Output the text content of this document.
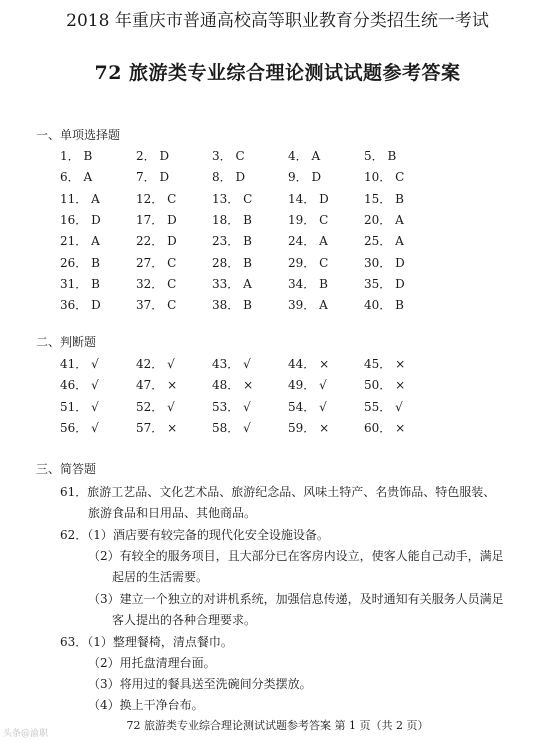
2018 年重庆市普通高校高等职业教育分类招生统一考试
72 旅游类专业综合理论测试试题参考答案
一、单项选择题
1． B	2． D	3． C	4． A	5． B
6． A	7． D	8． D	9． D	10． C
11． A	12． C	13． C	14． D	15． B
16． D	17． D	18． B	19． C	20． A
21． A	22． D	23． B	24． A	25． A
26． B	27． C	28． B	29． C	30． D
31． B	32． C	33． A	34． B	35． D
36． D	37． C	38． B	39． A	40． B
二、判断题
41． √	42． √	43． √	44． ×	45． ×
46． √	47． ×	48． ×	49． √	50． ×
51． √	52． √	53． √	54． √	55． √
56． √	57． ×	58． √	59． ×	60． ×
三、简答题
61．旅游工艺品、文化艺术品、旅游纪念品、风味土特产、名贵饰品、特色服装、
旅游食品和日用品、其他商品。
62．（1）酒店要有较完备的现代化安全设施设备。
（2）有较全的服务项目，且大部分已在客房内设立，使客人能自己动手，满足
起居的生活需要。
（3）建立一个独立的对讲机系统，加强信息传递，及时通知有关服务人员满足
客人提出的各种合理要求。
63．（1）整理餐椅，清点餐巾。
（2）用托盘清理台面。
（3）将用过的餐具送至洗碗间分类摆放。
（4）换上干净台布。
72 旅游类专业综合理论测试试题参考答案 第 1 页（共 2 页）
头条@渝职
